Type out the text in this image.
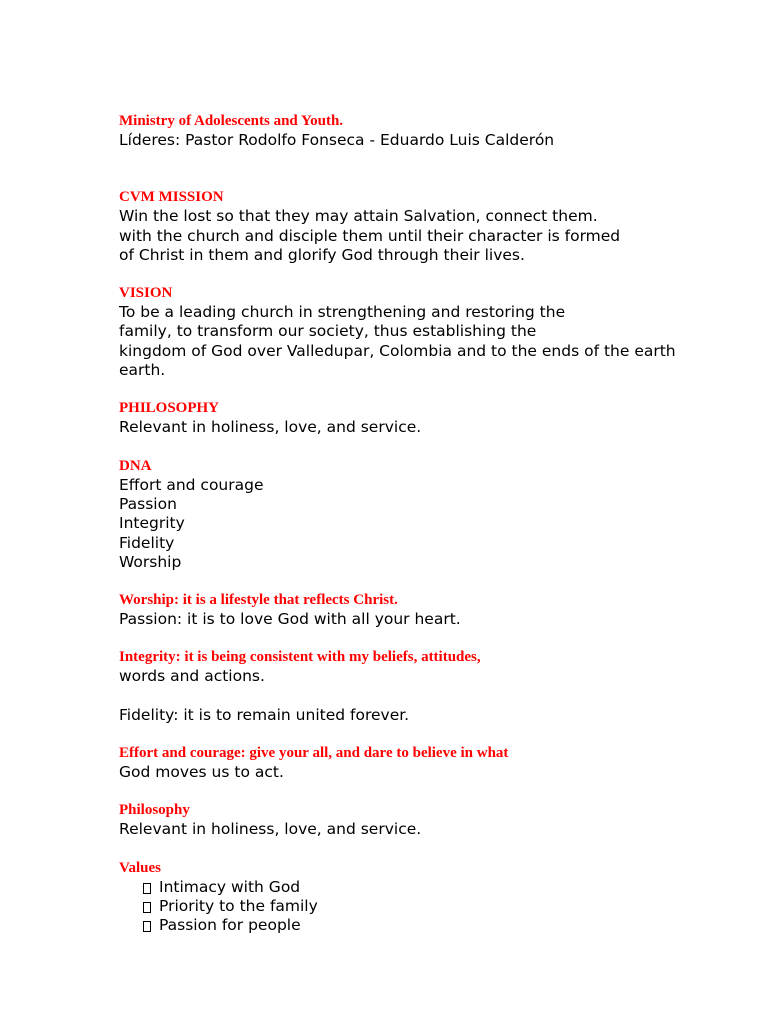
Ministry of Adolescents and Youth.
Líderes: Pastor Rodolfo Fonseca - Eduardo Luis Calderón
CVM MISSION
Win the lost so that they may attain Salvation, connect them.
with the church and disciple them until their character is formed
of Christ in them and glorify God through their lives.
VISION
To be a leading church in strengthening and restoring the
family, to transform our society, thus establishing the
kingdom of God over Valledupar, Colombia and to the ends of the earth
earth.
PHILOSOPHY
Relevant in holiness, love, and service.
DNA
Effort and courage
Passion
Integrity
Fidelity
Worship
Worship: it is a lifestyle that reflects Christ.
Passion: it is to love God with all your heart.
Integrity: it is being consistent with my beliefs, attitudes,
words and actions.
Fidelity: it is to remain united forever.
Effort and courage: give your all, and dare to believe in what
God moves us to act.
Philosophy
Relevant in holiness, love, and service.
Values
Intimacy with God
Priority to the family
Passion for people
